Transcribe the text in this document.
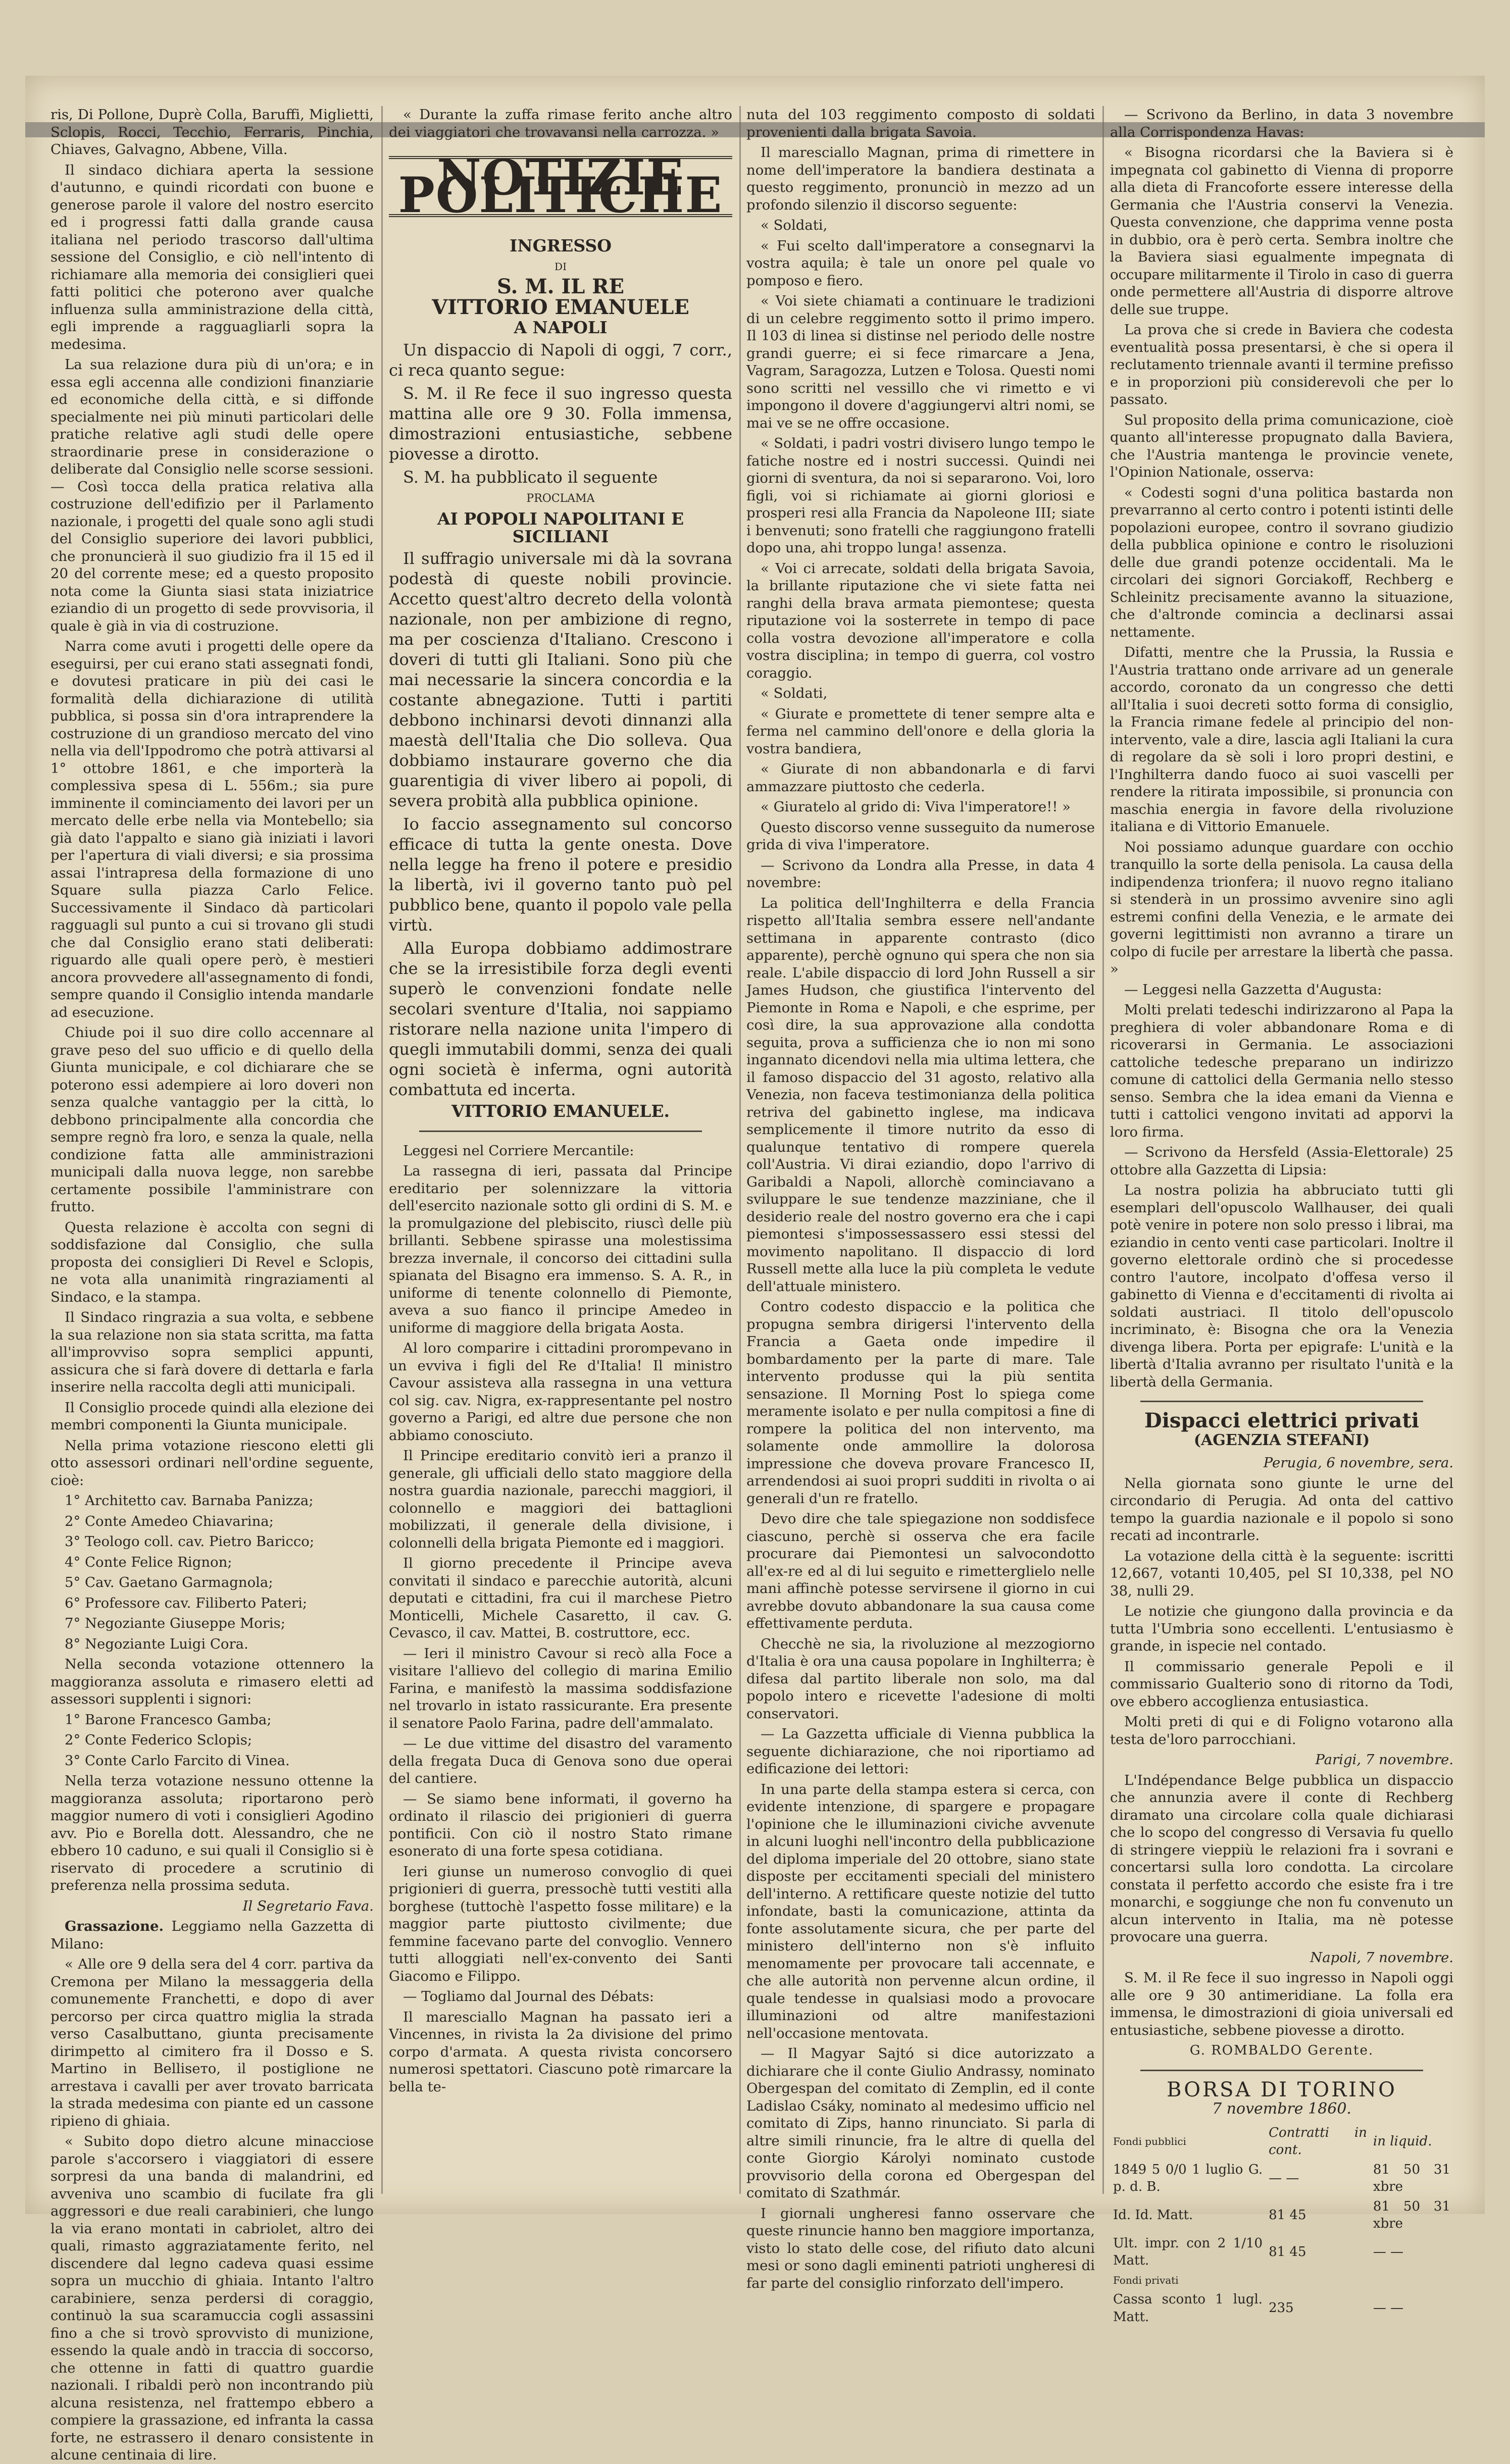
ris, Di Pollone, Duprè Colla, Baruffi, Miglietti, Sclopis, Rocci, Tecchio, Ferraris, Pinchia, Chiaves, Galvagno, Abbene, Villa.

Il sindaco dichiara aperta la sessione d'autunno, e quindi ricordati con buone e generose parole il valore del nostro esercito ed i progressi fatti dalla grande causa italiana nel periodo trascorso dall'ultima sessione del Consiglio, e ciò nell'intento di richiamare alla memoria dei consiglieri quei fatti politici che poterono aver qualche influenza sulla amministrazione della città, egli imprende a ragguagliarli sopra la medesima.

La sua relazione dura più di un'ora; e in essa egli accenna alle condizioni finanziarie ed economiche della città, e si diffonde specialmente nei più minuti particolari delle pratiche relative agli studi delle opere straordinarie prese in considerazione o deliberate dal Consiglio nelle scorse sessioni. — Così tocca della pratica relativa alla costruzione dell'edifizio per il Parlamento nazionale, i progetti del quale sono agli studi del Consiglio superiore dei lavori pubblici, che pronuncierà il suo giudizio fra il 15 ed il 20 del corrente mese; ed a questo proposito nota come la Giunta siasi stata iniziatrice eziandio di un progetto di sede provvisoria, il quale è già in via di costruzione.

Narra come avuti i progetti delle opere da eseguirsi, per cui erano stati assegnati fondi, e dovutesi praticare in più dei casi le formalità della dichiarazione di utilità pubblica, si possa sin d'ora intraprendere la costruzione di un grandioso mercato del vino nella via dell'Ippodromo che potrà attivarsi al 1° ottobre 1861, e che importerà la complessiva spesa di L. 556m.; sia pure imminente il cominciamento dei lavori per un mercato delle erbe nella via Montebello; sia già dato l'appalto e siano già iniziati i lavori per l'apertura di viali diversi; e sia prossima assai l'intrapresa della formazione di uno Square sulla piazza Carlo Felice. Successivamente il Sindaco dà particolari ragguagli sul punto a cui si trovano gli studi che dal Consiglio erano stati deliberati: riguardo alle quali opere però, è mestieri ancora provvedere all'assegnamento di fondi, sempre quando il Consiglio intenda mandarle ad esecuzione.

Chiude poi il suo dire collo accennare al grave peso del suo ufficio e di quello della Giunta municipale, e col dichiarare che se poterono essi adempiere ai loro doveri non senza qualche vantaggio per la città, lo debbono principalmente alla concordia che sempre regnò fra loro, e senza la quale, nella condizione fatta alle amministrazioni municipali dalla nuova legge, non sarebbe certamente possibile l'amministrare con frutto.

Questa relazione è accolta con segni di soddisfazione dal Consiglio, che sulla proposta dei consiglieri Di Revel e Sclopis, ne vota alla unanimità ringraziamenti al Sindaco, e la stampa.

Il Sindaco ringrazia a sua volta, e sebbene la sua relazione non sia stata scritta, ma fatta all'improvviso sopra semplici appunti, assicura che si farà dovere di dettarla e farla inserire nella raccolta degli atti municipali.

Il Consiglio procede quindi alla elezione dei membri componenti la Giunta municipale.

Nella prima votazione riescono eletti gli otto assessori ordinari nell'ordine seguente, cioè:

1° Architetto cav. Barnaba Panizza;

2° Conte Amedeo Chiavarina;

3° Teologo coll. cav. Pietro Baricco;

4° Conte Felice Rignon;

5° Cav. Gaetano Garmagnola;

6° Professore cav. Filiberto Pateri;

7° Negoziante Giuseppe Moris;

8° Negoziante Luigi Cora.

Nella seconda votazione ottennero la maggioranza assoluta e rimasero eletti ad assessori supplenti i signori:

1° Barone Francesco Gamba;

2° Conte Federico Sclopis;

3° Conte Carlo Farcito di Vinea.

Nella terza votazione nessuno ottenne la maggioranza assoluta; riportarono però maggior numero di voti i consiglieri Agodino avv. Pio e Borella dott. Alessandro, che ne ebbero 10 caduno, e sui quali il Consiglio si è riservato di procedere a scrutinio di preferenza nella prossima seduta.

Il Segretario Fava.

Grassazione. Leggiamo nella Gazzetta di Milano:

« Alle ore 9 della sera del 4 corr. partiva da Cremona per Milano la messaggeria della comunemente Franchetti, e dopo di aver percorso per circa quattro miglia la strada verso Casalbuttano, giunta precisamente dirimpetto al cimitero fra il Dosso e S. Martino in Bellisето, il postiglione ne arrestava i cavalli per aver trovato barricata la strada medesima con piante ed un cassone ripieno di ghiaia.

« Subito dopo dietro alcune minacciose parole s'accorsero i viaggiatori di essere sorpresi da una banda di malandrini, ed avveniva uno scambio di fucilate fra gli aggressori e due reali carabinieri, che lungo la via erano montati in cabriolet, altro dei quali, rimasto aggraziatamente ferito, nel discendere dal legno cadeva quasi essime sopra un mucchio di ghiaia. Intanto l'altro carabiniere, senza perdersi di coraggio, continuò la sua scaramuccia cogli assassini fino a che si trovò sprovvisto di munizione, essendo la quale andò in traccia di soccorso, che ottenne in fatti di quattro guardie nazionali. I ribaldi però non incontrando più alcuna resistenza, nel frattempo ebbero a compiere la grassazione, ed infranta la cassa forte, ne estrassero il denaro consistente in alcune centinaia di lire.

« Durante la zuffa rimase ferito anche altro dei viaggiatori che trovavansi nella carrozza. »

NOTIZIE POLITICHE

INGRESSO

DI

S. M. IL RE

VITTORIO EMANUELE

A NAPOLI

Un dispaccio di Napoli di oggi, 7 corr., ci reca quanto segue:

S. M. il Re fece il suo ingresso questa mattina alle ore 9 30. Folla immensa, dimostrazioni entusiastiche, sebbene piovesse a dirotto.

S. M. ha pubblicato il seguente

PROCLAMA

AI POPOLI NAPOLITANI E SICILIANI

Il suffragio universale mi dà la sovrana podestà di queste nobili provincie. Accetto quest'altro decreto della volontà nazionale, non per ambizione di regno, ma per coscienza d'Italiano. Crescono i doveri di tutti gli Italiani. Sono più che mai necessarie la sincera concordia e la costante abnegazione. Tutti i partiti debbono inchinarsi devoti dinnanzi alla maestà dell'Italia che Dio solleva. Qua dobbiamo instaurare governo che dia guarentigia di viver libero ai popoli, di severa probità alla pubblica opinione.

Io faccio assegnamento sul concorso efficace di tutta la gente onesta. Dove nella legge ha freno il potere e presidio la libertà, ivi il governo tanto può pel pubblico bene, quanto il popolo vale pella virtù.

Alla Europa dobbiamo addimostrare che se la irresistibile forza degli eventi superò le convenzioni fondate nelle secolari sventure d'Italia, noi sappiamo ristorare nella nazione unita l'impero di quegli immutabili dommi, senza dei quali ogni società è inferma, ogni autorità combattuta ed incerta.

VITTORIO EMANUELE.

Leggesi nel Corriere Mercantile:

La rassegna di ieri, passata dal Principe ereditario per solennizzare la vittoria dell'esercito nazionale sotto gli ordini di S. M. e la promulgazione del plebiscito, riuscì delle più brillanti. Sebbene spirasse una molestissima brezza invernale, il concorso dei cittadini sulla spianata del Bisagno era immenso. S. A. R., in uniforme di tenente colonnello di Piemonte, aveva a suo fianco il principe Amedeo in uniforme di maggiore della brigata Aosta.

Al loro comparire i cittadini prorompevano in un evviva i figli del Re d'Italia! Il ministro Cavour assisteva alla rassegna in una vettura col sig. cav. Nigra, ex-rappresentante pel nostro governo a Parigi, ed altre due persone che non abbiamo conosciuto.

Il Principe ereditario convitò ieri a pranzo il generale, gli ufficiali dello stato maggiore della nostra guardia nazionale, parecchi maggiori, il colonnello e maggiori dei battaglioni mobilizzati, il generale della divisione, i colonnelli della brigata Piemonte ed i maggiori.

Il giorno precedente il Principe aveva convitati il sindaco e parecchie autorità, alcuni deputati e cittadini, fra cui il marchese Pietro Monticelli, Michele Casaretto, il cav. G. Cevasco, il cav. Mattei, B. costruttore, ecc.

— Ieri il ministro Cavour si recò alla Foce a visitare l'allievo del collegio di marina Emilio Farina, e manifestò la massima soddisfazione nel trovarlo in istato rassicurante. Era presente il senatore Paolo Farina, padre dell'ammalato.

— Le due vittime del disastro del varamento della fregata Duca di Genova sono due operai del cantiere.

— Se siamo bene informati, il governo ha ordinato il rilascio dei prigionieri di guerra pontificii. Con ciò il nostro Stato rimane esonerato di una forte spesa cotidiana.

Ieri giunse un numeroso convoglio di quei prigionieri di guerra, pressochè tutti vestiti alla borghese (tuttochè l'aspetto fosse militare) e la maggior parte piuttosto civilmente; due femmine facevano parte del convoglio. Vennero tutti alloggiati nell'ex-convento dei Santi Giacomo e Filippo.

— Togliamo dal Journal des Débats:

Il maresciallo Magnan ha passato ieri a Vincennes, in rivista la 2a divisione del primo corpo d'armata. A questa rivista concorsero numerosi spettatori. Ciascuno potè rimarcare la bella te-

nuta del 103 reggimento composto di soldati provenienti dalla brigata Savoia.

Il maresciallo Magnan, prima di rimettere in nome dell'imperatore la bandiera destinata a questo reggimento, pronunciò in mezzo ad un profondo silenzio il discorso seguente:

« Soldati,

« Fui scelto dall'imperatore a consegnarvi la vostra aquila; è tale un onore pel quale vo pomposo e fiero.

« Voi siete chiamati a continuare le tradizioni di un celebre reggimento sotto il primo impero. Il 103 di linea si distinse nel periodo delle nostre grandi guerre; ei si fece rimarcare a Jena, Vagram, Saragozza, Lutzen e Tolosa. Questi nomi sono scritti nel vessillo che vi rimetto e vi impongono il dovere d'aggiungervi altri nomi, se mai ve se ne offre occasione.

« Soldati, i padri vostri divisero lungo tempo le fatiche nostre ed i nostri successi. Quindi nei giorni di sventura, da noi si separarono. Voi, loro figli, voi si richiamate ai giorni gloriosi e prosperi resi alla Francia da Napoleone III; siate i benvenuti; sono fratelli che raggiungono fratelli dopo una, ahi troppo lunga! assenza.

« Voi ci arrecate, soldati della brigata Savoia, la brillante riputazione che vi siete fatta nei ranghi della brava armata piemontese; questa riputazione voi la sosterrete in tempo di pace colla vostra devozione all'imperatore e colla vostra disciplina; in tempo di guerra, col vostro coraggio.

« Soldati,

« Giurate e promettete di tener sempre alta e ferma nel cammino dell'onore e della gloria la vostra bandiera,

« Giurate di non abbandonarla e di farvi ammazzare piuttosto che cederla.

« Giuratelo al grido di: Viva l'imperatore!! »

Questo discorso venne susseguito da numerose grida di viva l'imperatore.

— Scrivono da Londra alla Presse, in data 4 novembre:

La politica dell'Inghilterra e della Francia rispetto all'Italia sembra essere nell'andante settimana in apparente contrasto (dico apparente), perchè ognuno qui spera che non sia reale. L'abile dispaccio di lord John Russell a sir James Hudson, che giustifica l'intervento del Piemonte in Roma e Napoli, e che esprime, per così dire, la sua approvazione alla condotta seguita, prova a sufficienza che io non mi sono ingannato dicendovi nella mia ultima lettera, che il famoso dispaccio del 31 agosto, relativo alla Venezia, non faceva testimonianza della politica retriva del gabinetto inglese, ma indicava semplicemente il timore nutrito da esso di qualunque tentativo di rompere querela coll'Austria. Vi dirai eziandio, dopo l'arrivo di Garibaldi a Napoli, allorchè cominciavano a sviluppare le sue tendenze mazziniane, che il desiderio reale del nostro governo era che i capi piemontesi s'impossessassero essi stessi del movimento napolitano. Il dispaccio di lord Russell mette alla luce la più completa le vedute dell'attuale ministero.

Contro codesto dispaccio e la politica che propugna sembra dirigersi l'intervento della Francia a Gaeta onde impedire il bombardamento per la parte di mare. Tale intervento produsse qui la più sentita sensazione. Il Morning Post lo spiega come meramente isolato e per nulla compitosi a fine di rompere la politica del non intervento, ma solamente onde ammollire la dolorosa impressione che doveva provare Francesco II, arrendendosi ai suoi propri sudditi in rivolta o ai generali d'un re fratello.

Devo dire che tale spiegazione non soddisfece ciascuno, perchè si osserva che era facile procurare dai Piemontesi un salvocondotto all'ex-re ed al di lui seguito e rimetterglielo nelle mani affinchè potesse servirsene il giorno in cui avrebbe dovuto abbandonare la sua causa come effettivamente perduta.

Checchè ne sia, la rivoluzione al mezzogiorno d'Italia è ora una causa popolare in Inghilterra; è difesa dal partito liberale non solo, ma dal popolo intero e ricevette l'adesione di molti conservatori.

— La Gazzetta ufficiale di Vienna pubblica la seguente dichiarazione, che noi riportiamo ad edificazione dei lettori:

In una parte della stampa estera si cerca, con evidente intenzione, di spargere e propagare l'opinione che le illuminazioni civiche avvenute in alcuni luoghi nell'incontro della pubblicazione del diploma imperiale del 20 ottobre, siano state disposte per eccitamenti speciali del ministero dell'interno. A rettificare queste notizie del tutto infondate, basti la comunicazione, attinta da fonte assolutamente sicura, che per parte del ministero dell'interno non s'è influito menomamente per provocare tali accennate, e che alle autorità non pervenne alcun ordine, il quale tendesse in qualsiasi modo a provocare illuminazioni od altre manifestazioni nell'occasione mentovata.

— Il Magyar Sajtó si dice autorizzato a dichiarare che il conte Giulio Andrassy, nominato Obergespan del comitato di Zemplin, ed il conte Ladislao Csáky, nominato al medesimo ufficio nel comitato di Zips, hanno rinunciato. Si parla di altre simili rinuncie, fra le altre di quella del conte Giorgio Károlyi nominato custode provvisorio della corona ed Obergespan del comitato di Szathmár.

I giornali ungheresi fanno osservare che queste rinuncie hanno ben maggiore importanza, visto lo stato delle cose, del rifiuto dato alcuni mesi or sono dagli eminenti patrioti ungheresi di far parte del consiglio rinforzato dell'impero.

— Scrivono da Berlino, in data 3 novembre alla Corrispondenza Havas:

« Bisogna ricordarsi che la Baviera si è impegnata col gabinetto di Vienna di proporre alla dieta di Francoforte essere interesse della Germania che l'Austria conservi la Venezia. Questa convenzione, che dapprima venne posta in dubbio, ora è però certa. Sembra inoltre che la Baviera siasi egualmente impegnata di occupare militarmente il Tirolo in caso di guerra onde permettere all'Austria di disporre altrove delle sue truppe.

La prova che si crede in Baviera che codesta eventualità possa presentarsi, è che si opera il reclutamento triennale avanti il termine prefisso e in proporzioni più considerevoli che per lo passato.

Sul proposito della prima comunicazione, cioè quanto all'interesse propugnato dalla Baviera, che l'Austria mantenga le provincie venete, l'Opinion Nationale, osserva:

« Codesti sogni d'una politica bastarda non prevarranno al certo contro i potenti istinti delle popolazioni europee, contro il sovrano giudizio della pubblica opinione e contro le risoluzioni delle due grandi potenze occidentali. Ma le circolari dei signori Gorciakoff, Rechberg e Schleinitz precisamente avanno la situazione, che d'altronde comincia a declinarsi assai nettamente.

Difatti, mentre che la Prussia, la Russia e l'Austria trattano onde arrivare ad un generale accordo, coronato da un congresso che detti all'Italia i suoi decreti sotto forma di consiglio, la Francia rimane fedele al principio del non-intervento, vale a dire, lascia agli Italiani la cura di regolare da sè soli i loro propri destini, e l'Inghilterra dando fuoco ai suoi vascelli per rendere la ritirata impossibile, si pronuncia con maschia energia in favore della rivoluzione italiana e di Vittorio Emanuele.

Noi possiamo adunque guardare con occhio tranquillo la sorte della penisola. La causa della indipendenza trionfera; il nuovo regno italiano si stenderà in un prossimo avvenire sino agli estremi confini della Venezia, e le armate dei governi legittimisti non avranno a tirare un colpo di fucile per arrestare la libertà che passa. »

— Leggesi nella Gazzetta d'Augusta:

Molti prelati tedeschi indirizzarono al Papa la preghiera di voler abbandonare Roma e di ricoverarsi in Germania. Le associazioni cattoliche tedesche preparano un indirizzo comune di cattolici della Germania nello stesso senso. Sembra che la idea emani da Vienna e tutti i cattolici vengono invitati ad apporvi la loro firma.

— Scrivono da Hersfeld (Assia-Elettorale) 25 ottobre alla Gazzetta di Lipsia:

La nostra polizia ha abbruciato tutti gli esemplari dell'opuscolo Wallhauser, dei quali potè venire in potere non solo presso i librai, ma eziandio in cento venti case particolari. Inoltre il governo elettorale ordinò che si procedesse contro l'autore, incolpato d'offesa verso il gabinetto di Vienna e d'eccitamenti di rivolta ai soldati austriaci. Il titolo dell'opuscolo incriminato, è: Bisogna che ora la Venezia divenga libera. Porta per epigrafe: L'unità e la libertà d'Italia avranno per risultato l'unità e la libertà della Germania.

Dispacci elettrici privati
(AGENZIA STEFANI)

Perugia, 6 novembre, sera.

Nella giornata sono giunte le urne del circondario di Perugia. Ad onta del cattivo tempo la guardia nazionale e il popolo si sono recati ad incontrarle.

La votazione della città è la seguente: iscritti 12,667, votanti 10,405, pel SI 10,338, pel NO 38, nulli 29.

Le notizie che giungono dalla provincia e da tutta l'Umbria sono eccellenti. L'entusiasmo è grande, in ispecie nel contado.

Il commissario generale Pepoli e il commissario Gualterio sono di ritorno da Todi, ove ebbero accoglienza entusiastica.

Molti preti di qui e di Foligno votarono alla testa de'loro parrocchiani.

Parigi, 7 novembre.

L'Indépendance Belge pubblica un dispaccio che annunzia avere il conte di Rechberg diramato una circolare colla quale dichiarasi che lo scopo del congresso di Versavia fu quello di stringere vieppiù le relazioni fra i sovrani e concertarsi sulla loro condotta. La circolare constata il perfetto accordo che esiste fra i tre monarchi, e soggiunge che non fu convenuto un alcun intervento in Italia, ma nè potesse provocare una guerra.

Napoli, 7 novembre.

S. M. il Re fece il suo ingresso in Napoli oggi alle ore 9 30 antimeridiane. La folla era immensa, le dimostrazioni di gioia universali ed entusiastiche, sebbene piovesse a dirotto.

G. ROMBALDO Gerente.

BORSA DI TORINO
7 novembre 1860.
Fondi pubblici	Contratti in cont.	in liquid.
1849 5 0/0 1 luglio G. p. d. B.	— —	81 50 31 xbre
Id. Id. Matt.	81 45	81 50 31 xbre
Ult. impr. con 2 1/10 Matt.	81 45	— —
Fondi privati		
Cassa sconto 1 lugl. Matt.	235	— —
